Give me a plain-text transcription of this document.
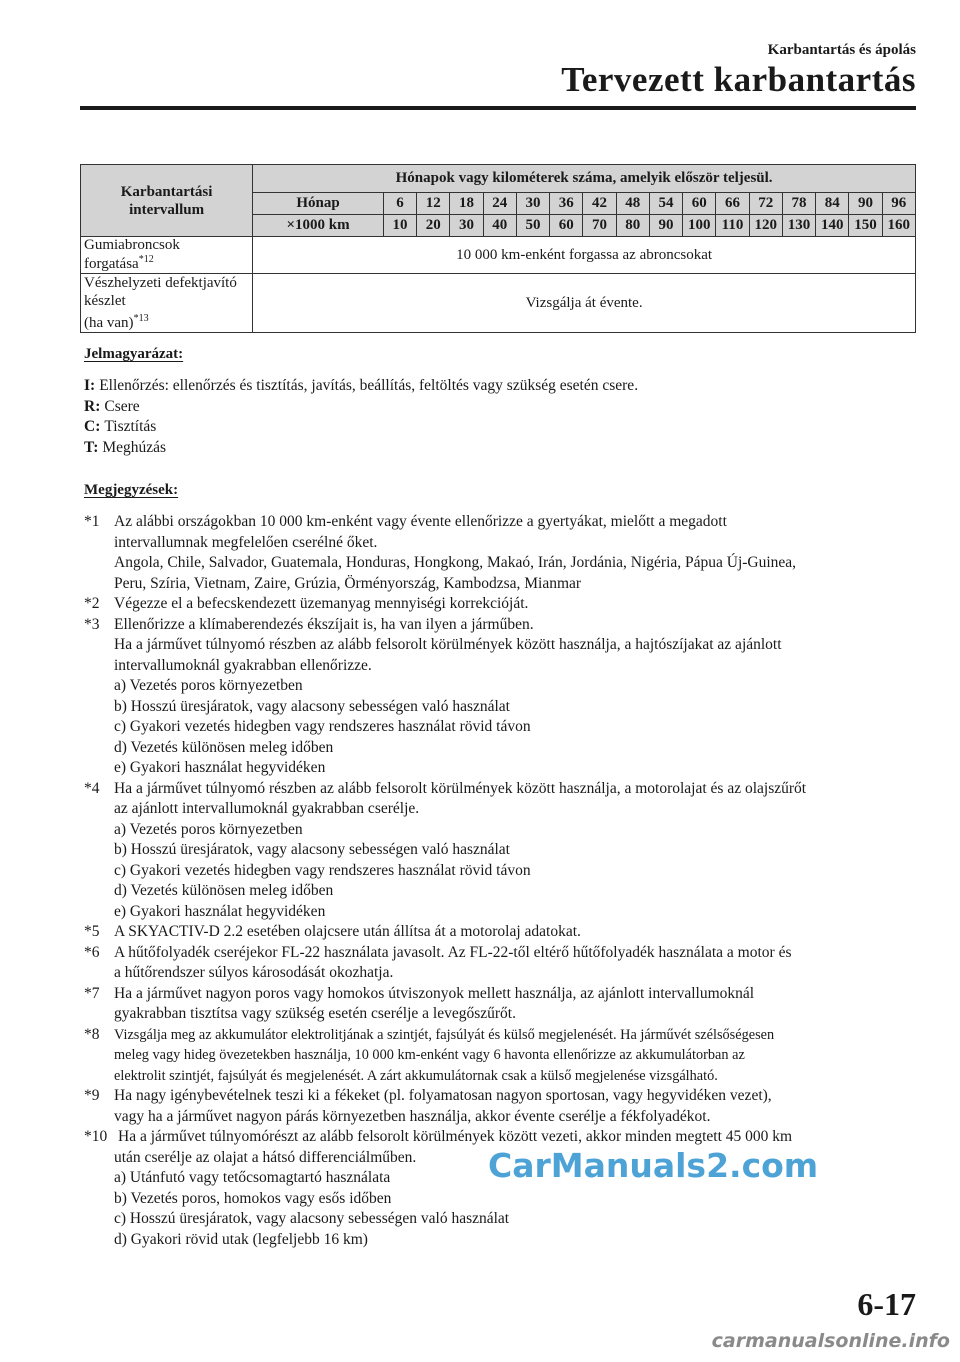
Karbantartás és ápolás
Tervezett karbantartás
Karbantartási intervallum	Hónapok vagy kilométerek száma, amelyik először teljesül.																
	Hónap	6	12	18	24	30	36	42	48	54	60	66	72	78	84	90	96
	×1000 km	10	20	30	40	50	60	70	80	90	100	110	120	130	140	150	160
Gumiabroncsok forgatása$^{*12}$	10 000 km-enként forgassa az abroncsokat																
Vészhelyzeti defektjavító készlet
(ha van)$^{*13}$	Vizsgálja át évente.																
Jelmagyarázat:
I: Ellenőrzés: ellenőrzés és tisztítás, javítás, beállítás, feltöltés vagy szükség esetén csere.
R: Csere
C: Tisztítás
T: Meghúzás
Megjegyzések:
*1 Az alábbi országokban 10 000 km-enként vagy évente ellenőrizze a gyertyákat, mielőtt a megadott
intervallumnak megfelelően cserélné őket.
Angola, Chile, Salvador, Guatemala, Honduras, Hongkong, Makaó, Irán, Jordánia, Nigéria, Pápua Új-Guinea,
Peru, Szíria, Vietnam, Zaire, Grúzia, Örményország, Kambodzsa, Mianmar
*2 Végezze el a befecskendezett üzemanyag mennyiségi korrekcióját.
*3 Ellenőrizze a klímaberendezés ékszíjait is, ha van ilyen a járműben.
Ha a járművet túlnyomó részben az alább felsorolt körülmények között használja, a hajtószíjakat az ajánlott
intervallumoknál gyakrabban ellenőrizze.
a) Vezetés poros környezetben
b) Hosszú üresjáratok, vagy alacsony sebességen való használat
c) Gyakori vezetés hidegben vagy rendszeres használat rövid távon
d) Vezetés különösen meleg időben
e) Gyakori használat hegyvidéken
*4 Ha a járművet túlnyomó részben az alább felsorolt körülmények között használja, a motorolajat és az olajszűrőt
az ajánlott intervallumoknál gyakrabban cserélje.
a) Vezetés poros környezetben
b) Hosszú üresjáratok, vagy alacsony sebességen való használat
c) Gyakori vezetés hidegben vagy rendszeres használat rövid távon
d) Vezetés különösen meleg időben
e) Gyakori használat hegyvidéken
*5 A SKYACTIV-D 2.2 esetében olajcsere után állítsa át a motorolaj adatokat.
*6 A hűtőfolyadék cseréjekor FL-22 használata javasolt. Az FL-22-től eltérő hűtőfolyadék használata a motor és
a hűtőrendszer súlyos károsodását okozhatja.
*7 Ha a járművet nagyon poros vagy homokos útviszonyok mellett használja, az ajánlott intervallumoknál
gyakrabban tisztítsa vagy szükség esetén cserélje a levegőszűrőt.
*8	Vizsgálja meg az akkumulátor elektrolitjának a szintjét, fajsúlyát és külső megjelenését. Ha járművét szélsőségesen
meleg vagy hideg övezetekben használja, 10 000 km-enként vagy 6 havonta ellenőrizze az akkumulátorban az
elektrolit szintjét, fajsúlyát és megjelenését. A zárt akkumulátornak csak a külső megjelenése vizsgálható.
*9 Ha nagy igénybevételnek teszi ki a fékeket (pl. folyamatosan nagyon sportosan, vagy hegyvidéken vezet),
vagy ha a járművet nagyon párás környezetben használja, akkor évente cserélje a fékfolyadékot.
*10 Ha a járművet túlnyomórészt az alább felsorolt körülmények között vezeti, akkor minden megtett 45 000 km
után cserélje az olajat a hátsó differenciálműben.
a) Utánfutó vagy tetőcsomagtartó használata
b) Vezetés poros, homokos vagy esős időben
c) Hosszú üresjáratok, vagy alacsony sebességen való használat
d) Gyakori rövid utak (legfeljebb 16 km)
CarManuals2.com
6-17
carmanualsonline.info
